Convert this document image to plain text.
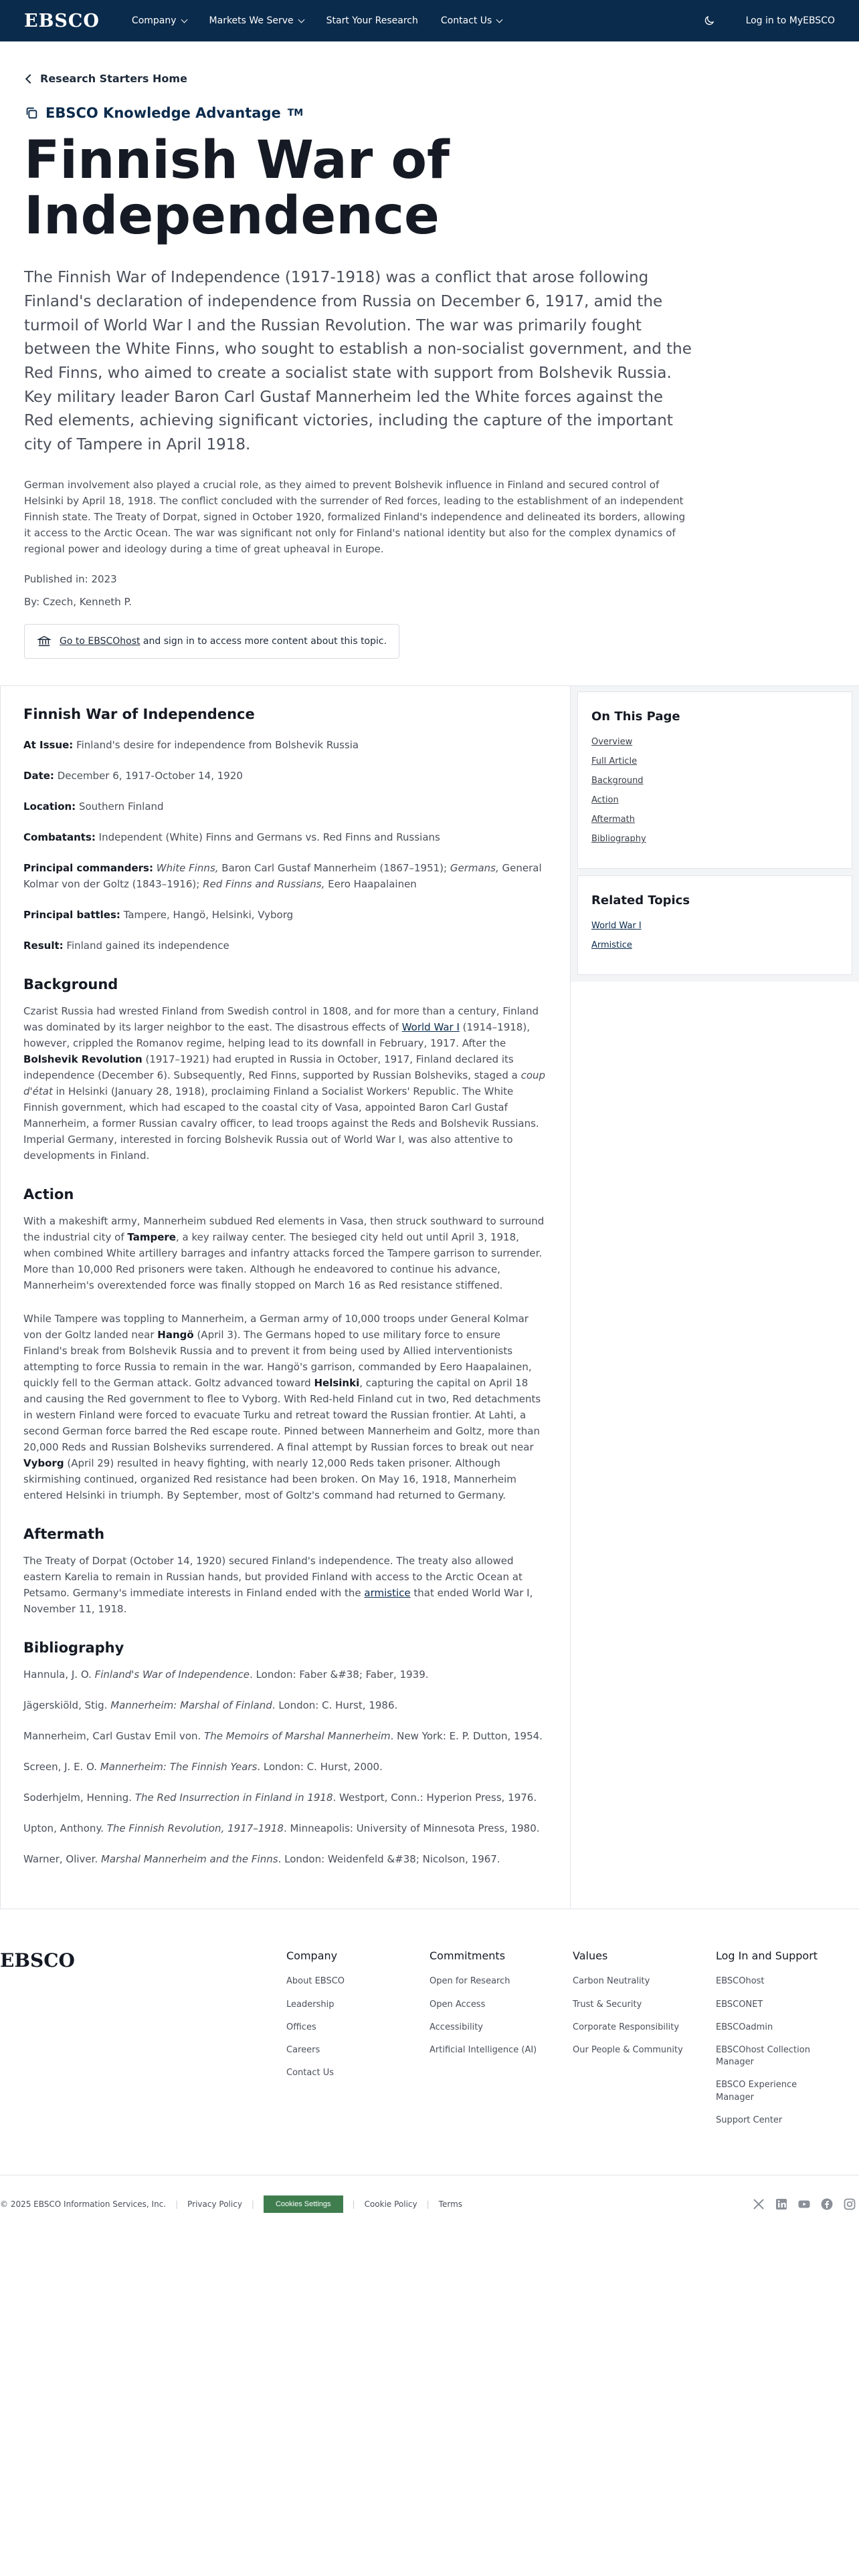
EBSCO	Company	Markets We Serve	Start Your Research Contact Us	Log in to MyEBSCO
Research Starters Home
EBSCO Knowledge Advantage TM
Finnish War of Independence

The Finnish War of Independence (1917-1918) was a conflict that arose following Finland's declaration of independence from Russia on December 6, 1917, amid the turmoil of World War I and the Russian Revolution. The war was primarily fought between the White Finns, who sought to establish a non-socialist government, and the Red Finns, who aimed to create a socialist state with support from Bolshevik Russia. Key military leader Baron Carl Gustaf Mannerheim led the White forces against the Red elements, achieving significant victories, including the capture of the important city of Tampere in April 1918.

German involvement also played a crucial role, as they aimed to prevent Bolshevik influence in Finland and secured control of Helsinki by April 18, 1918. The conflict concluded with the surrender of Red forces, leading to the establishment of an independent Finnish state. The Treaty of Dorpat, signed in October 1920, formalized Finland's independence and delineated its borders, allowing it access to the Arctic Ocean. The war was significant not only for Finland's national identity but also for the complex dynamics of regional power and ideology during a time of great upheaval in Europe.

Published in: 2023

By: Czech, Kenneth P.

Go to EBSCOhost and sign in to access more content about this topic.
Finnish War of Independence

At Issue: Finland's desire for independence from Bolshevik Russia

Date: December 6, 1917-October 14, 1920

Location: Southern Finland

Combatants: Independent (White) Finns and Germans vs. Red Finns and Russians

Principal commanders: White Finns, Baron Carl Gustaf Mannerheim (1867–1951); Germans, General Kolmar von der Goltz (1843–1916); Red Finns and Russians, Eero Haapalainen

Principal battles: Tampere, Hangö, Helsinki, Vyborg

Result: Finland gained its independence

Background

Czarist Russia had wrested Finland from Swedish control in 1808, and for more than a century, Finland was dominated by its larger neighbor to the east. The disastrous effects of World War I (1914–1918), however, crippled the Romanov regime, helping lead to its downfall in February, 1917. After the Bolshevik Revolution (1917–1921) had erupted in Russia in October, 1917, Finland declared its independence (December 6). Subsequently, Red Finns, supported by Russian Bolsheviks, staged a coup d'état in Helsinki (January 28, 1918), proclaiming Finland a Socialist Workers' Republic. The White Finnish government, which had escaped to the coastal city of Vasa, appointed Baron Carl Gustaf Mannerheim, a former Russian cavalry officer, to lead troops against the Reds and Bolshevik Russians. Imperial Germany, interested in forcing Bolshevik Russia out of World War I, was also attentive to developments in Finland.

Action

With a makeshift army, Mannerheim subdued Red elements in Vasa, then struck southward to surround the industrial city of Tampere, a key railway center. The besieged city held out until April 3, 1918, when combined White artillery barrages and infantry attacks forced the Tampere garrison to surrender. More than 10,000 Red prisoners were taken. Although he endeavored to continue his advance, Mannerheim's overextended force was finally stopped on March 16 as Red resistance stiffened.

While Tampere was toppling to Mannerheim, a German army of 10,000 troops under General Kolmar von der Goltz landed near Hangö (April 3). The Germans hoped to use military force to ensure Finland's break from Bolshevik Russia and to prevent it from being used by Allied interventionists attempting to force Russia to remain in the war. Hangö's garrison, commanded by Eero Haapalainen, quickly fell to the German attack. Goltz advanced toward Helsinki, capturing the capital on April 18 and causing the Red government to flee to Vyborg. With Red-held Finland cut in two, Red detachments in western Finland were forced to evacuate Turku and retreat toward the Russian frontier. At Lahti, a second German force barred the Red escape route. Pinned between Mannerheim and Goltz, more than 20,000 Reds and Russian Bolsheviks surrendered. A final attempt by Russian forces to break out near Vyborg (April 29) resulted in heavy fighting, with nearly 12,000 Reds taken prisoner. Although skirmishing continued, organized Red resistance had been broken. On May 16, 1918, Mannerheim entered Helsinki in triumph. By September, most of Goltz's command had returned to Germany.

Aftermath

The Treaty of Dorpat (October 14, 1920) secured Finland's independence. The treaty also allowed eastern Karelia to remain in Russian hands, but provided Finland with access to the Arctic Ocean at Petsamo. Germany's immediate interests in Finland ended with the armistice that ended World War I, November 11, 1918.

Bibliography

Hannula, J. O. Finland's War of Independence. London: Faber &#38; Faber, 1939.

Jägerskiöld, Stig. Mannerheim: Marshal of Finland. London: C. Hurst, 1986.

Mannerheim, Carl Gustav Emil von. The Memoirs of Marshal Mannerheim. New York: E. P. Dutton, 1954.

Screen, J. E. O. Mannerheim: The Finnish Years. London: C. Hurst, 2000.

Soderhjelm, Henning. The Red Insurrection in Finland in 1918. Westport, Conn.: Hyperion Press, 1976.

Upton, Anthony. The Finnish Revolution, 1917–1918. Minneapolis: University of Minnesota Press, 1980.

Warner, Oliver. Marshal Mannerheim and the Finns. London: Weidenfeld &#38; Nicolson, 1967.

On This Page
Overview
Full Article
Background
Action
Aftermath
Bibliography
Related Topics
World War I
Armistice
EBSCO	Company
About EBSCO
Leadership
Offices
Careers
Contact Us
Commitments
Open for Research
Open Access
Accessibility
Artificial Intelligence (AI)
Values
Carbon Neutrality
Trust & Security
Corporate Responsibility
Our People & Community
Log In and Support
EBSCOhost
EBSCONET
EBSCOadmin
EBSCOhost Collection Manager
EBSCO Experience Manager
Support Center
© 2025 EBSCO Information Services, Inc. | Privacy Policy |	Cookies Settings	| Cookie Policy | Terms
